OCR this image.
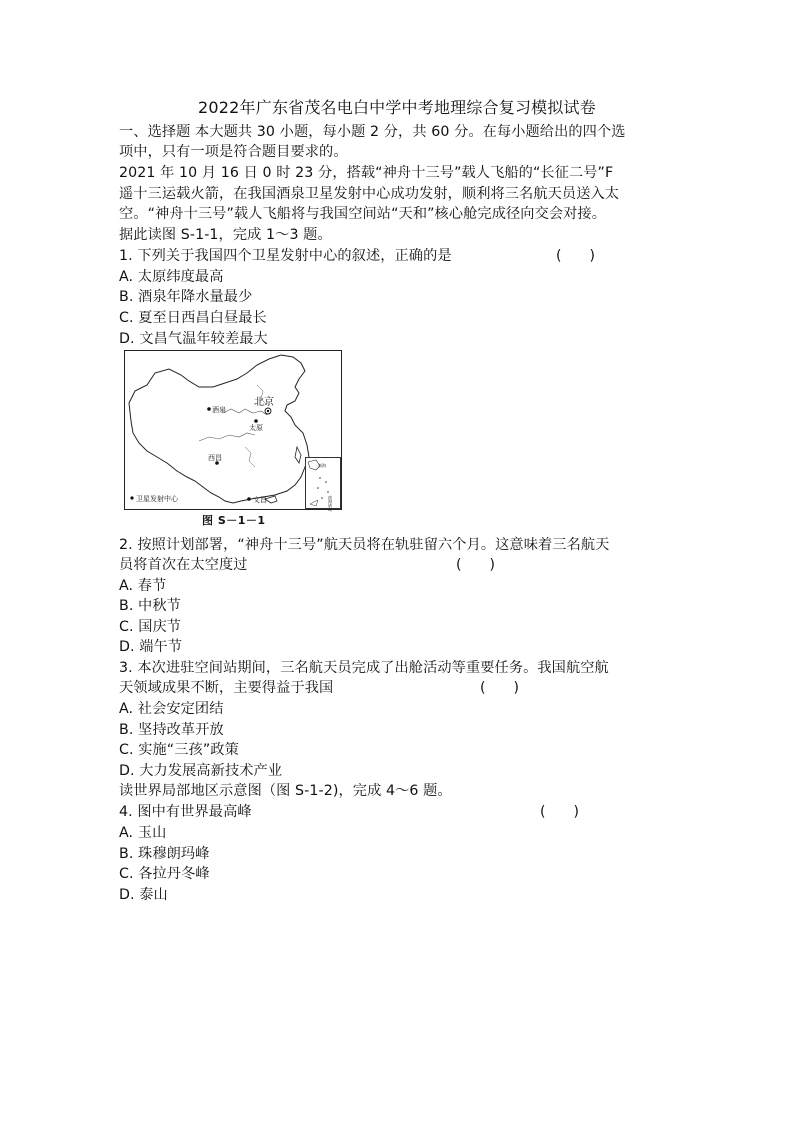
2022年广东省茂名电白中学中考地理综合复习模拟试卷
一、选择题 本大题共 30 小题，每小题 2 分，共 60 分。在每小题给出的四个选
项中，只有一项是符合题目要求的。
2021 年 10 月 16 日 0 时 23 分，搭载“神舟十三号”载人飞船的“长征二号”F
遥十三运载火箭，在我国酒泉卫星发射中心成功发射，顺利将三名航天员送入太
空。“神舟十三号”载人飞船将与我国空间站“天和”核心舱完成径向交会对接。
据此读图 S-1-1，完成 1～3 题。
1. 下列关于我国四个卫星发射中心的叙述，正确的是	(　　)
A. 太原纬度最高
B. 酒泉年降水量最少
C. 夏至日西昌白昼最长
D. 文昌气温年较差最大
北京
酒泉
太原
西昌
文昌
卫星发射中心
南海
南海诸岛
图 S－1－1
2. 按照计划部署，“神舟十三号”航天员将在轨驻留六个月。这意味着三名航天
员将首次在太空度过	(　　)
A. 春节
B. 中秋节
C. 国庆节
D. 端午节
3. 本次进驻空间站期间，三名航天员完成了出舱活动等重要任务。我国航空航
天领域成果不断，主要得益于我国	(　　)
A. 社会安定团结
B. 坚持改革开放
C. 实施“三孩”政策
D. 大力发展高新技术产业
读世界局部地区示意图（图 S-1-2)，完成 4～6 题。
4. 图中有世界最高峰	(　　)
A. 玉山
B. 珠穆朗玛峰
C. 各拉丹冬峰
D. 泰山
